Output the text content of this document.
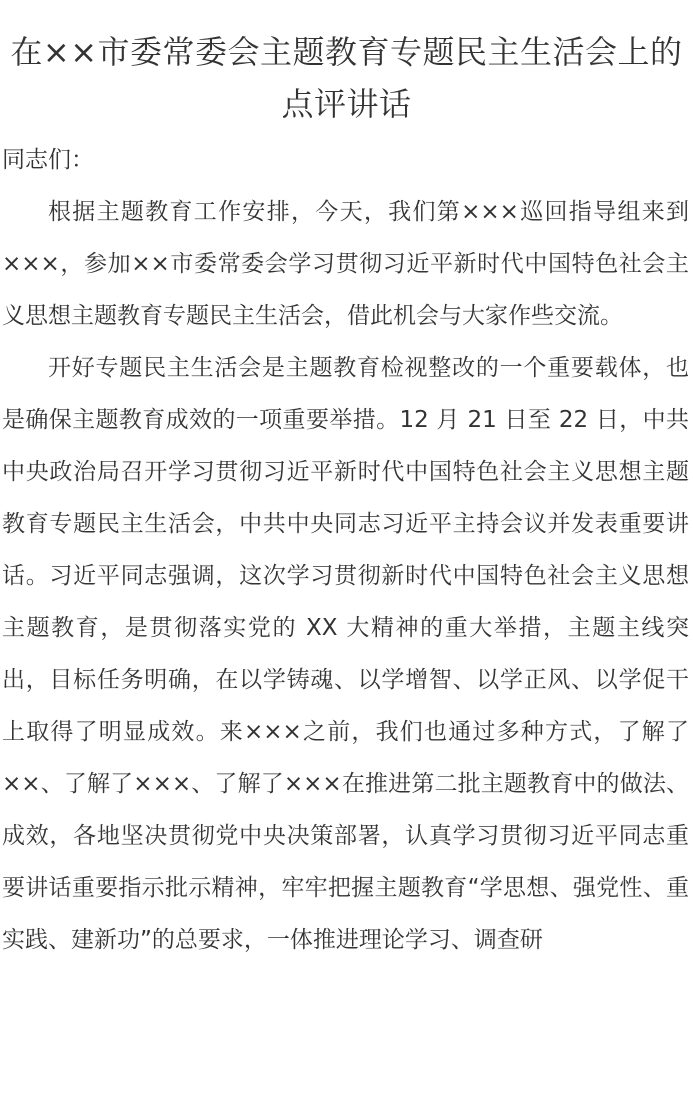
在××市委常委会主题教育专题民主生活会上的点评讲话

同志们：

根据主题教育工作安排，今天，我们第×××巡回指导组来到×××，参加××市委常委会学习贯彻习近平新时代中国特色社会主义思想主题教育专题民主生活会，借此机会与大家作些交流。

开好专题民主生活会是主题教育检视整改的一个重要载体，也是确保主题教育成效的一项重要举措。12 月 21 日至 22 日，中共中央政治局召开学习贯彻习近平新时代中国特色社会主义思想主题教育专题民主生活会，中共中央同志习近平主持会议并发表重要讲话。习近平同志强调，这次学习贯彻新时代中国特色社会主义思想主题教育，是贯彻落实党的 XX 大精神的重大举措，主题主线突出，目标任务明确，在以学铸魂、以学增智、以学正风、以学促干上取得了明显成效。来×××之前，我们也通过多种方式，了解了××、了解了×××、了解了×××在推进第二批主题教育中的做法、成效，各地坚决贯彻党中央决策部署，认真学习贯彻习近平同志重要讲话重要指示批示精神，牢牢把握主题教育“学思想、强党性、重实践、建新功”的总要求，一体推进理论学习、调查研
